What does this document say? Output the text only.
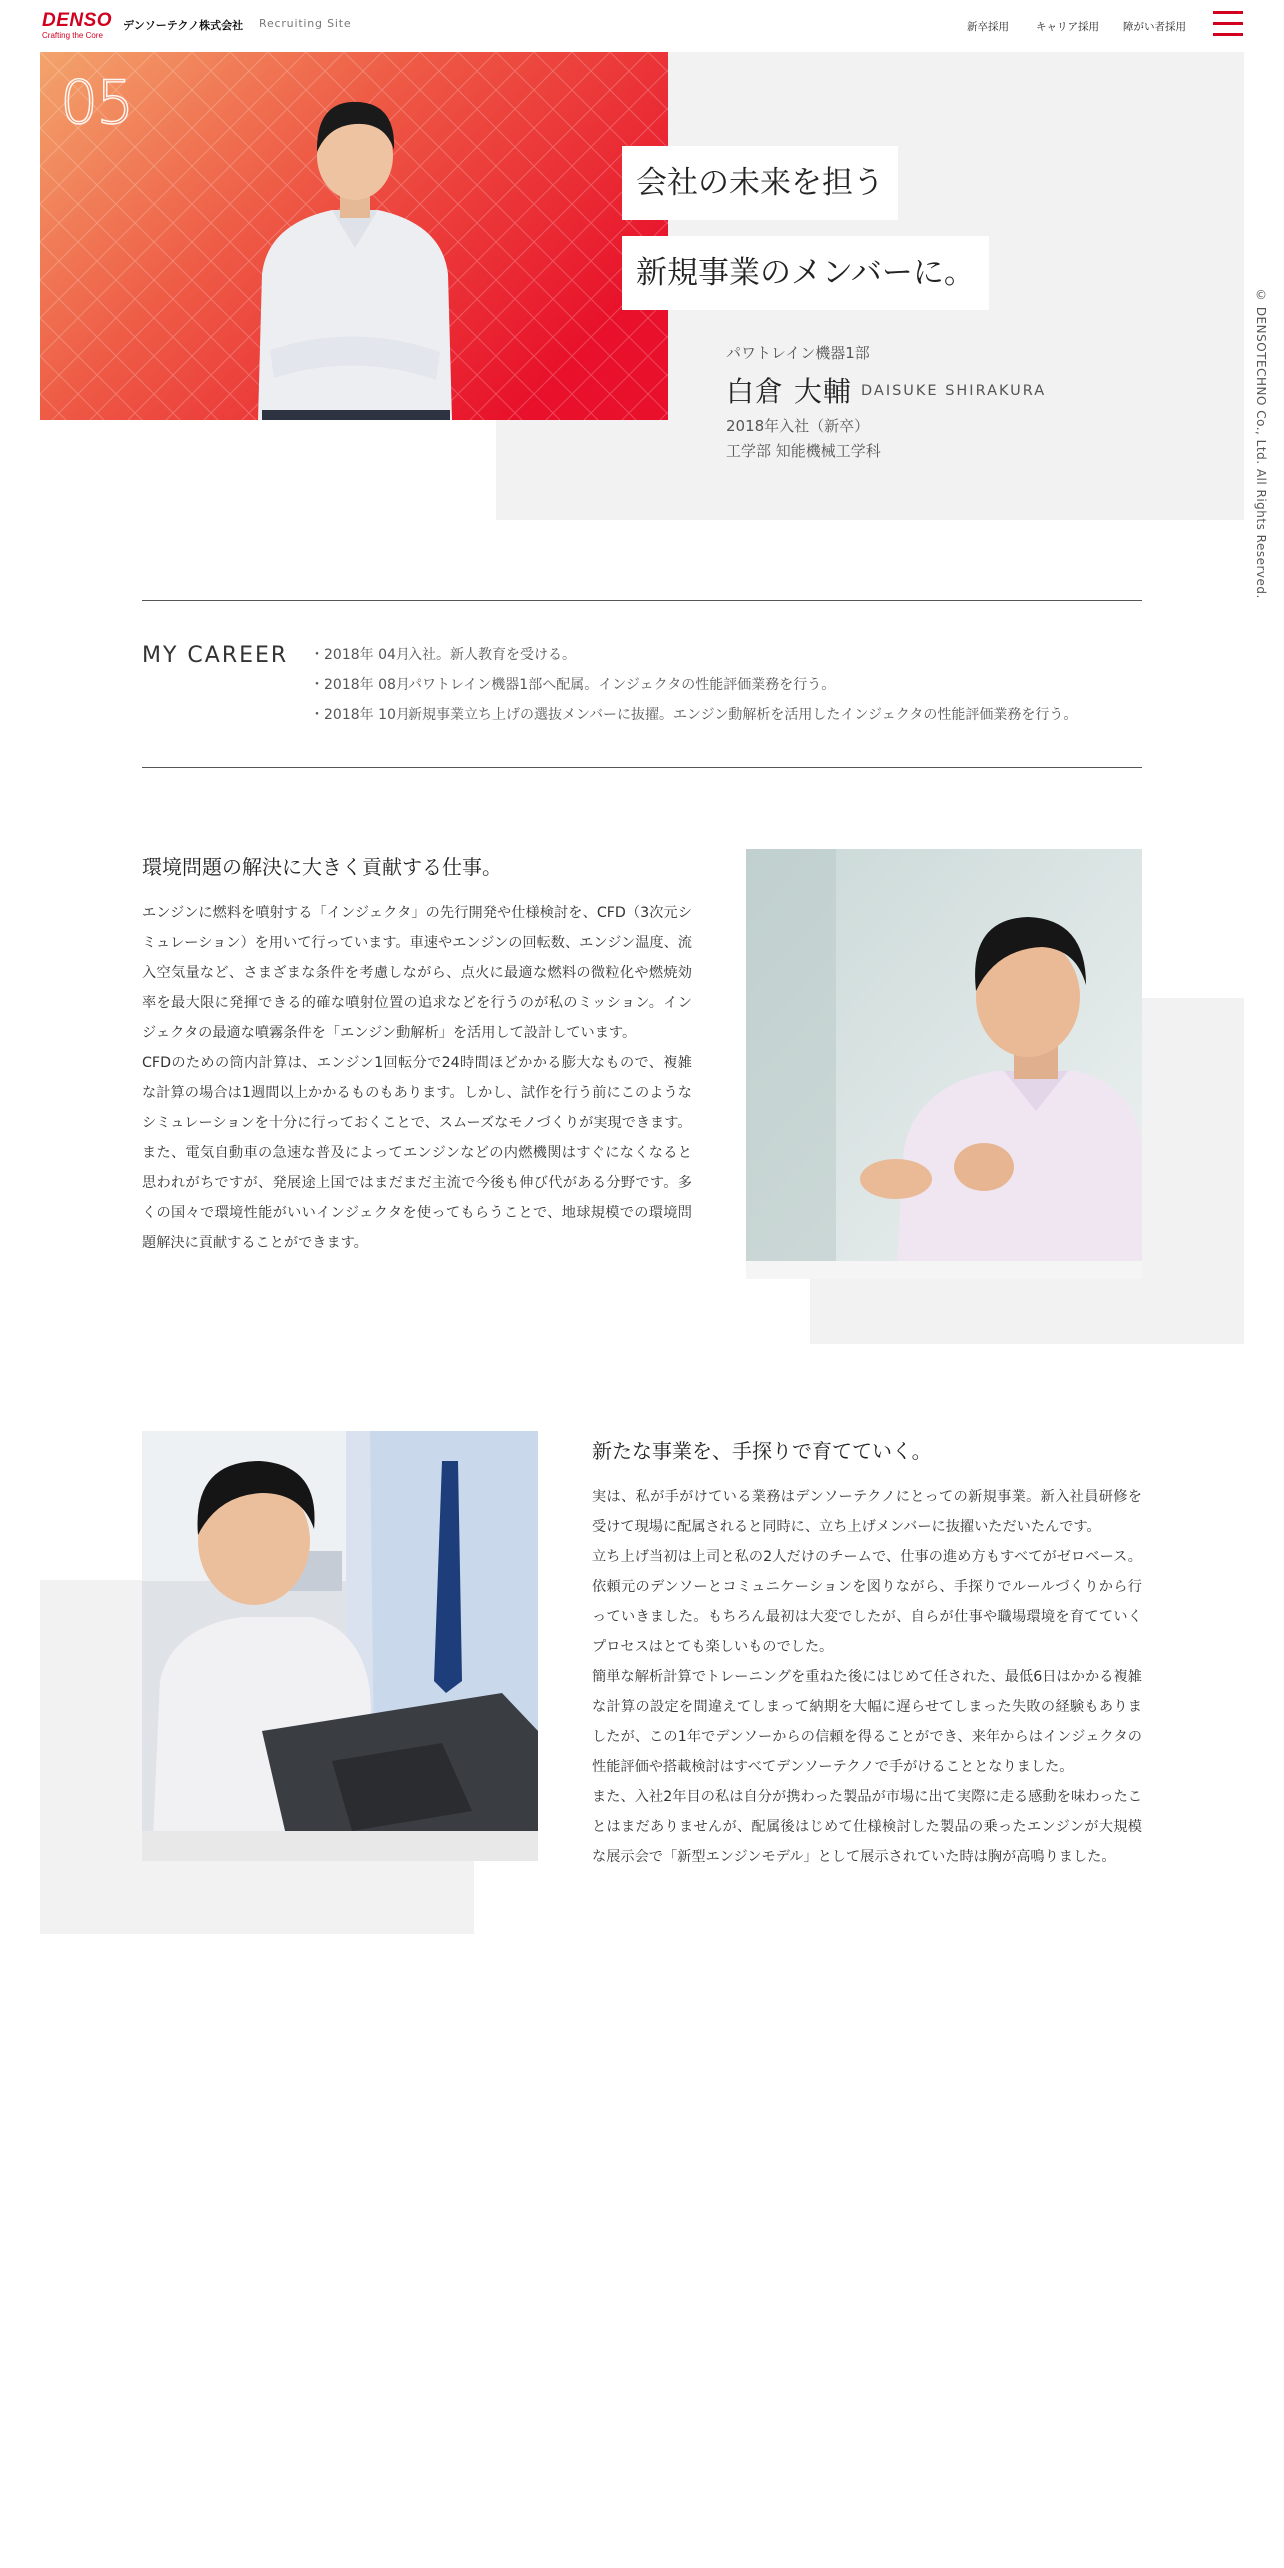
DENSO
Crafting the Core
デンソーテクノ株式会社 Recruiting Site	新卒採用	キャリア採用 障がい者採用
05
会社の未来を担う
新規事業のメンバーに。
パワトレイン機器1部
白倉 大輔 DAISUKE SHIRAKURA
2018年入社（新卒）
工学部 知能機械工学科	© DENSOTECHNO Co., Ltd. All Rights Reserved.
MY CAREER ・2018年 04月入社。新人教育を受ける。
・2018年 08月パワトレイン機器1部へ配属。インジェクタの性能評価業務を行う。
・2018年 10月新規事業立ち上げの選抜メンバーに抜擢。エンジン動解析を活用したインジェクタの性能評価業務を行う。
環境問題の解決に大きく貢献する仕事。

エンジンに燃料を噴射する「インジェクタ」の先行開発や仕様検討を、CFD（3次元シミュレーション）を用いて行っています。車速やエンジンの回転数、エンジン温度、流入空気量など、さまざまな条件を考慮しながら、点火に最適な燃料の微粒化や燃焼効率を最大限に発揮できる的確な噴射位置の追求などを行うのが私のミッション。インジェクタの最適な噴霧条件を「エンジン動解析」を活用して設計しています。

CFDのための筒内計算は、エンジン1回転分で24時間ほどかかる膨大なもので、複雑な計算の場合は1週間以上かかるものもあります。しかし、試作を行う前にこのようなシミュレーションを十分に行っておくことで、スムーズなモノづくりが実現できます。

また、電気自動車の急速な普及によってエンジンなどの内燃機関はすぐになくなると思われがちですが、発展途上国ではまだまだ主流で今後も伸び代がある分野です。多くの国々で環境性能がいいインジェクタを使ってもらうことで、地球規模での環境問題解決に貢献することができます。

新たな事業を、手探りで育てていく。

実は、私が手がけている業務はデンソーテクノにとっての新規事業。新入社員研修を受けて現場に配属されると同時に、立ち上げメンバーに抜擢いただいたんです。

立ち上げ当初は上司と私の2人だけのチームで、仕事の進め方もすべてがゼロベース。依頼元のデンソーとコミュニケーションを図りながら、手探りでルールづくりから行っていきました。もちろん最初は大変でしたが、自らが仕事や職場環境を育てていくプロセスはとても楽しいものでした。

簡単な解析計算でトレーニングを重ねた後にはじめて任された、最低6日はかかる複雑な計算の設定を間違えてしまって納期を大幅に遅らせてしまった失敗の経験もありましたが、この1年でデンソーからの信頼を得ることができ、来年からはインジェクタの性能評価や搭載検討はすべてデンソーテクノで手がけることとなりました。

また、入社2年目の私は自分が携わった製品が市場に出て実際に走る感動を味わったことはまだありませんが、配属後はじめて仕様検討した製品の乗ったエンジンが大規模な展示会で「新型エンジンモデル」として展示されていた時は胸が高鳴りました。
